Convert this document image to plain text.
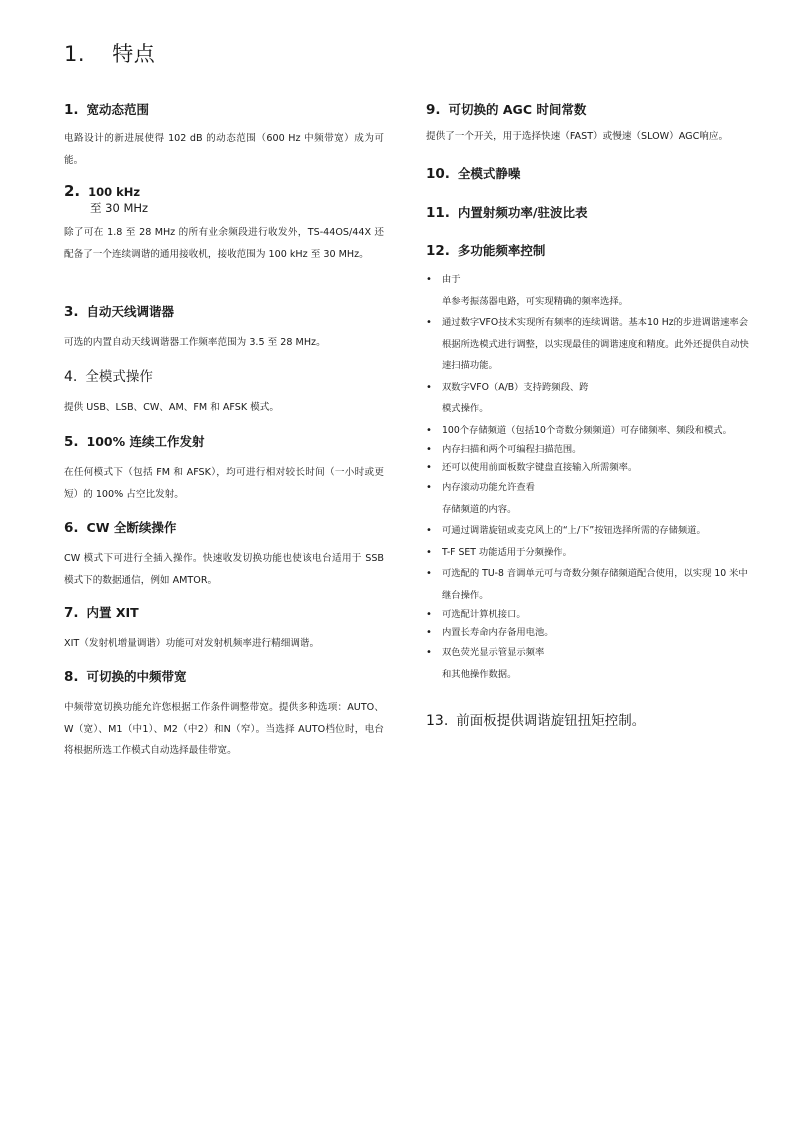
1. 特点
1. 宽动态范围

电路设计的新进展使得 102 dB 的动态范围（600 Hz 中频带宽）成为可能。

2. 100 kHz
至 30 MHz

除了可在 1.8 至 28 MHz 的所有业余频段进行收发外，TS-44OS/44X 还配备了一个连续调谐的通用接收机，接收范围为 100 kHz 至 30 MHz。

3. 自动天线调谐器

可选的内置自动天线调谐器工作频率范围为 3.5 至 28 MHz。

4. 全模式操作

提供 USB、LSB、CW、AM、FM 和 AFSK 模式。

5. 100% 连续工作发射

在任何模式下（包括 FM 和 AFSK），均可进行相对较长时间（一小时或更短）的 100% 占空比发射。

6. CW 全断续操作

CW 模式下可进行全插入操作。快速收发切换功能也使该电台适用于 SSB 模式下的数据通信，例如 AMTOR。

7. 内置 XIT

XIT（发射机增量调谐）功能可对发射机频率进行精细调谐。

8. 可切换的中频带宽

中频带宽切换功能允许您根据工作条件调整带宽。提供多种选项：AUTO、W（宽）、M1（中1）、M2（中2）和N（窄）。当选择 AUTO档位时，电台将根据所选工作模式自动选择最佳带宽。

9. 可切换的 AGC 时间常数

提供了一个开关，用于选择快速（FAST）或慢速（SLOW）AGC响应。

10. 全模式静噪
11. 内置射频功率/驻波比表
12. 多功能频率控制
• 由于
单参考振荡器电路，可实现精确的频率选择。
• 通过数字VFO技术实现所有频率的连续调谐。基本10 Hz的步进调谐速率会根据所选模式进行调整，以实现最佳的调谐速度和精度。此外还提供自动快速扫描功能。
• 双数字VFO（A/B）支持跨频段、跨
模式操作。
• 100个存储频道（包括10个奇数分频频道）可存储频率、频段和模式。
• 内存扫描和两个可编程扫描范围。
• 还可以使用前面板数字键盘直接输入所需频率。
• 内存滚动功能允许查看
存储频道的内容。
• 可通过调谐旋钮或麦克风上的“上/下”按钮选择所需的存储频道。
• T-F SET 功能适用于分频操作。
• 可选配的 TU-8 音调单元可与奇数分频存储频道配合使用，以实现 10 米中继台操作。
• 可选配计算机接口。
• 内置长寿命内存备用电池。
• 双色荧光显示管显示频率
和其他操作数据。
13. 前面板提供调谐旋钮扭矩控制。
